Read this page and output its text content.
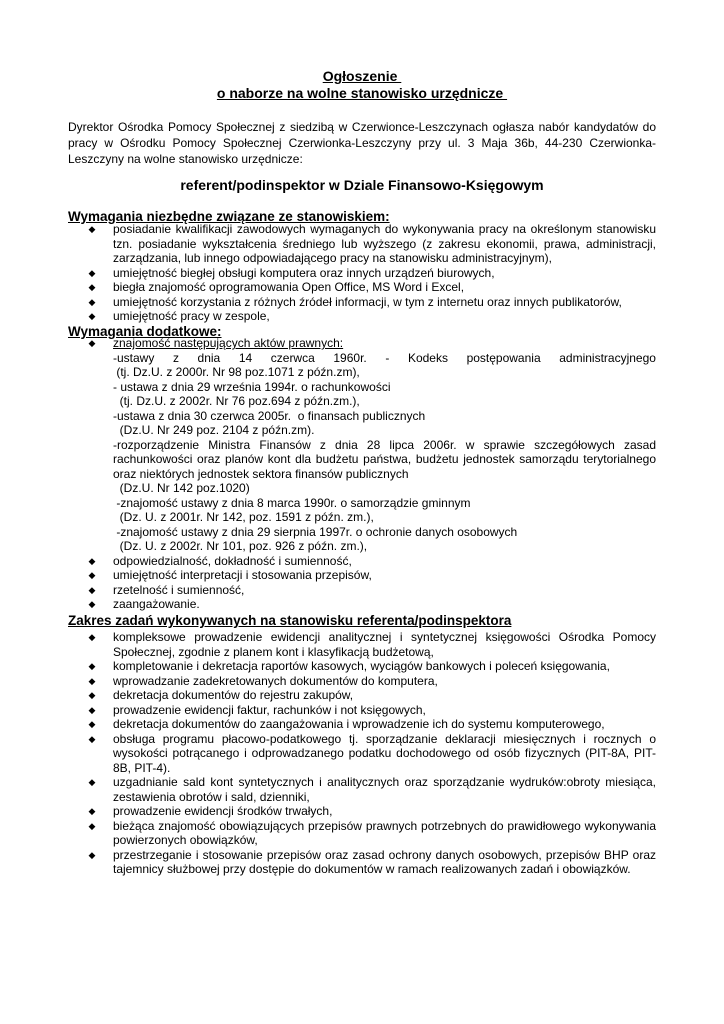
Ogłoszenie
o naborze na wolne stanowisko urzędnicze
Dyrektor Ośrodka Pomocy Społecznej z siedzibą w Czerwionce-Leszczynach ogłasza nabór kandydatów do pracy w Ośrodku Pomocy Społecznej Czerwionka-Leszczyny przy ul. 3 Maja 36b, 44-230 Czerwionka-Leszczyny na wolne stanowisko urzędnicze:
referent/podinspektor w Dziale Finansowo-Księgowym
Wymagania niezbędne związane ze stanowiskiem:
◆ posiadanie kwalifikacji zawodowych wymaganych do wykonywania pracy na określonym stanowisku tzn. posiadanie wykształcenia średniego lub wyższego (z zakresu ekonomii, prawa, administracji, zarządzania, lub innego odpowiadającego pracy na stanowisku administracyjnym),
◆ umiejętność biegłej obsługi komputera oraz innych urządzeń biurowych,
◆ biegła znajomość oprogramowania Open Office, MS Word i Excel,
◆ umiejętność korzystania z różnych źródeł informacji, w tym z internetu oraz innych publikatorów,
◆ umiejętność pracy w zespole,
Wymagania dodatkowe:
◆ znajomość następujących aktów prawnych:
-ustawy z dnia 14 czerwca 1960r. - Kodeks postępowania administracyjnego
(tj. Dz.U. z 2000r. Nr 98 poz.1071 z późn.zm),
- ustawa z dnia 29 września 1994r. o rachunkowości
(tj. Dz.U. z 2002r. Nr 76 poz.694 z późn.zm.),
-ustawa z dnia 30 czerwca 2005r.  o finansach publicznych
(Dz.U. Nr 249 poz. 2104 z późn.zm).
-rozporządzenie Ministra Finansów z dnia 28 lipca 2006r. w sprawie szczegółowych zasad rachunkowości oraz planów kont dla budżetu państwa, budżetu jednostek samorządu terytorialnego oraz niektórych jednostek sektora finansów publicznych
(Dz.U. Nr 142 poz.1020)
-znajomość ustawy z dnia 8 marca 1990r. o samorządzie gminnym
(Dz. U. z 2001r. Nr 142, poz. 1591 z późn. zm.),
-znajomość ustawy z dnia 29 sierpnia 1997r. o ochronie danych osobowych
(Dz. U. z 2002r. Nr 101, poz. 926 z późn. zm.),
◆ odpowiedzialność, dokładność i sumienność,
◆ umiejętność interpretacji i stosowania przepisów,
◆ rzetelność i sumienność,
◆ zaangażowanie.
Zakres zadań wykonywanych na stanowisku referenta/podinspektora
◆ kompleksowe prowadzenie ewidencji analitycznej i syntetycznej księgowości Ośrodka Pomocy Społecznej, zgodnie z planem kont i klasyfikacją budżetową,
◆ kompletowanie i dekretacja raportów kasowych, wyciągów bankowych i poleceń księgowania,
◆ wprowadzanie zadekretowanych dokumentów do komputera,
◆ dekretacja dokumentów do rejestru zakupów,
◆ prowadzenie ewidencji faktur, rachunków i not księgowych,
◆ dekretacja dokumentów do zaangażowania i wprowadzenie ich do systemu komputerowego,
◆ obsługa programu płacowo-podatkowego tj. sporządzanie deklaracji miesięcznych i rocznych o wysokości potrącanego i odprowadzanego podatku dochodowego od osób fizycznych (PIT-8A, PIT-8B, PIT-4).
◆ uzgadnianie sald kont syntetycznych i analitycznych oraz sporządzanie wydruków:obroty miesiąca, zestawienia obrotów i sald, dzienniki,
◆ prowadzenie ewidencji środków trwałych,
◆ bieżąca znajomość obowiązujących przepisów prawnych potrzebnych do prawidłowego wykonywania powierzonych obowiązków,
◆ przestrzeganie i stosowanie przepisów oraz zasad ochrony danych osobowych, przepisów BHP oraz tajemnicy służbowej przy dostępie do dokumentów w ramach realizowanych zadań i obowiązków.
